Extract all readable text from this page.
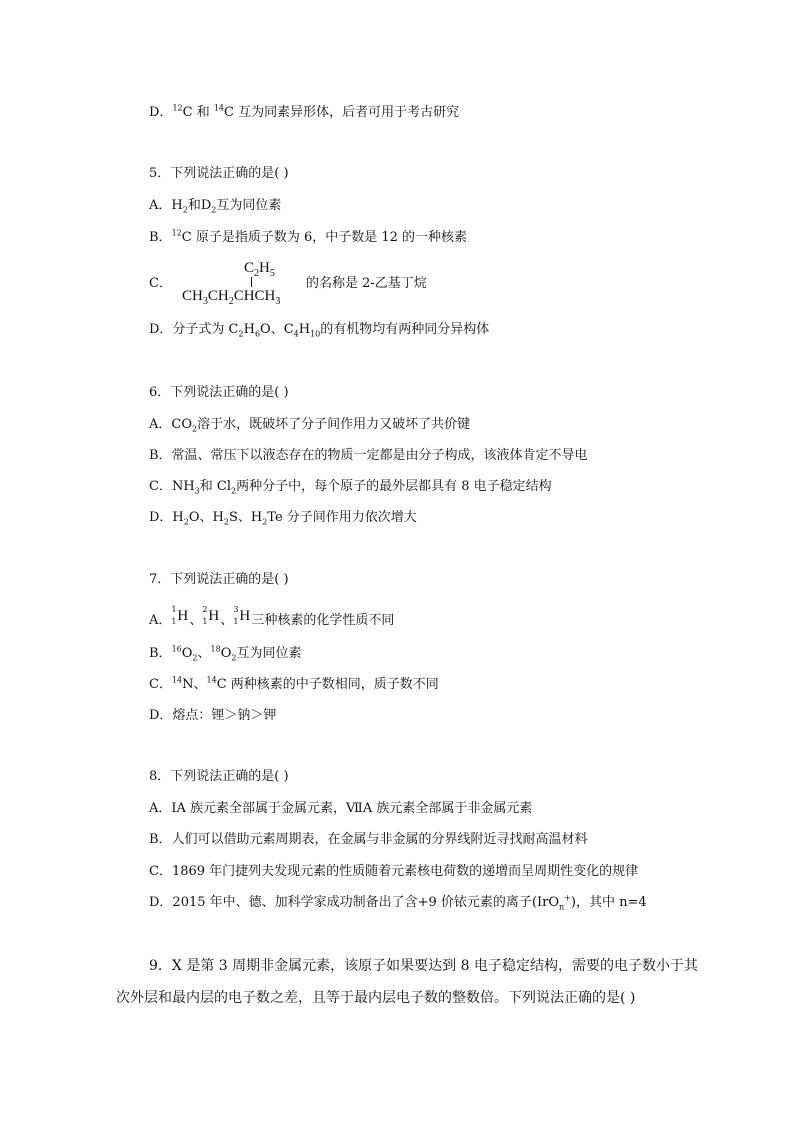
D．$^{12}$C 和 $^{14}$C 互为同素异形体，后者可用于考古研究
5．下列说法正确的是( )
A．$H_2$和$D_2$互为同位素
B．$^{12}$C 原子是指质子数为 6，中子数是 12 的一种核素
C．
$C_2H_5$
$CH_3CH_2CHCH_3$
的名称是 2-乙基丁烷
D．分子式为 $C_2H_6O$、$C_4H_{10}$的有机物均有两种同分异构体
6．下列说法正确的是( )
A．$CO_2$溶于水，既破坏了分子间作用力又破坏了共价键
B．常温、常压下以液态存在的物质一定都是由分子构成，该液体肯定不导电
C．$NH_3$和 $Cl_2$两种分子中，每个原子的最外层都具有 8 电子稳定结构
D．$H_2O$、$H_2S$、$H_2Te$ 分子间作用力依次增大
7．下列说法正确的是( )
A．
1
1 H 、
2
1 H 、
3
1 H 三种核素的化学性质不同
B．$^{16}O_2$、$^{18}O_2$互为同位素
C．$^{14}$N、$^{14}$C 两种核素的中子数相同，质子数不同
D．熔点：锂＞钠＞钾
8．下列说法正确的是( )
A．ⅠA 族元素全部属于金属元素，ⅦA 族元素全部属于非金属元素
B．人们可以借助元素周期表，在金属与非金属的分界线附近寻找耐高温材料
C．1869 年门捷列夫发现元素的性质随着元素核电荷数的递增而呈周期性变化的规律
D．2015 年中、德、加科学家成功制备出了含+9 价铱元素的离子(IrO$_n$+)，其中 n=4
9．X 是第 3 周期非金属元素，该原子如果要达到 8 电子稳定结构，需要的电子数小于其
次外层和最内层的电子数之差，且等于最内层电子数的整数倍。下列说法正确的是( )
